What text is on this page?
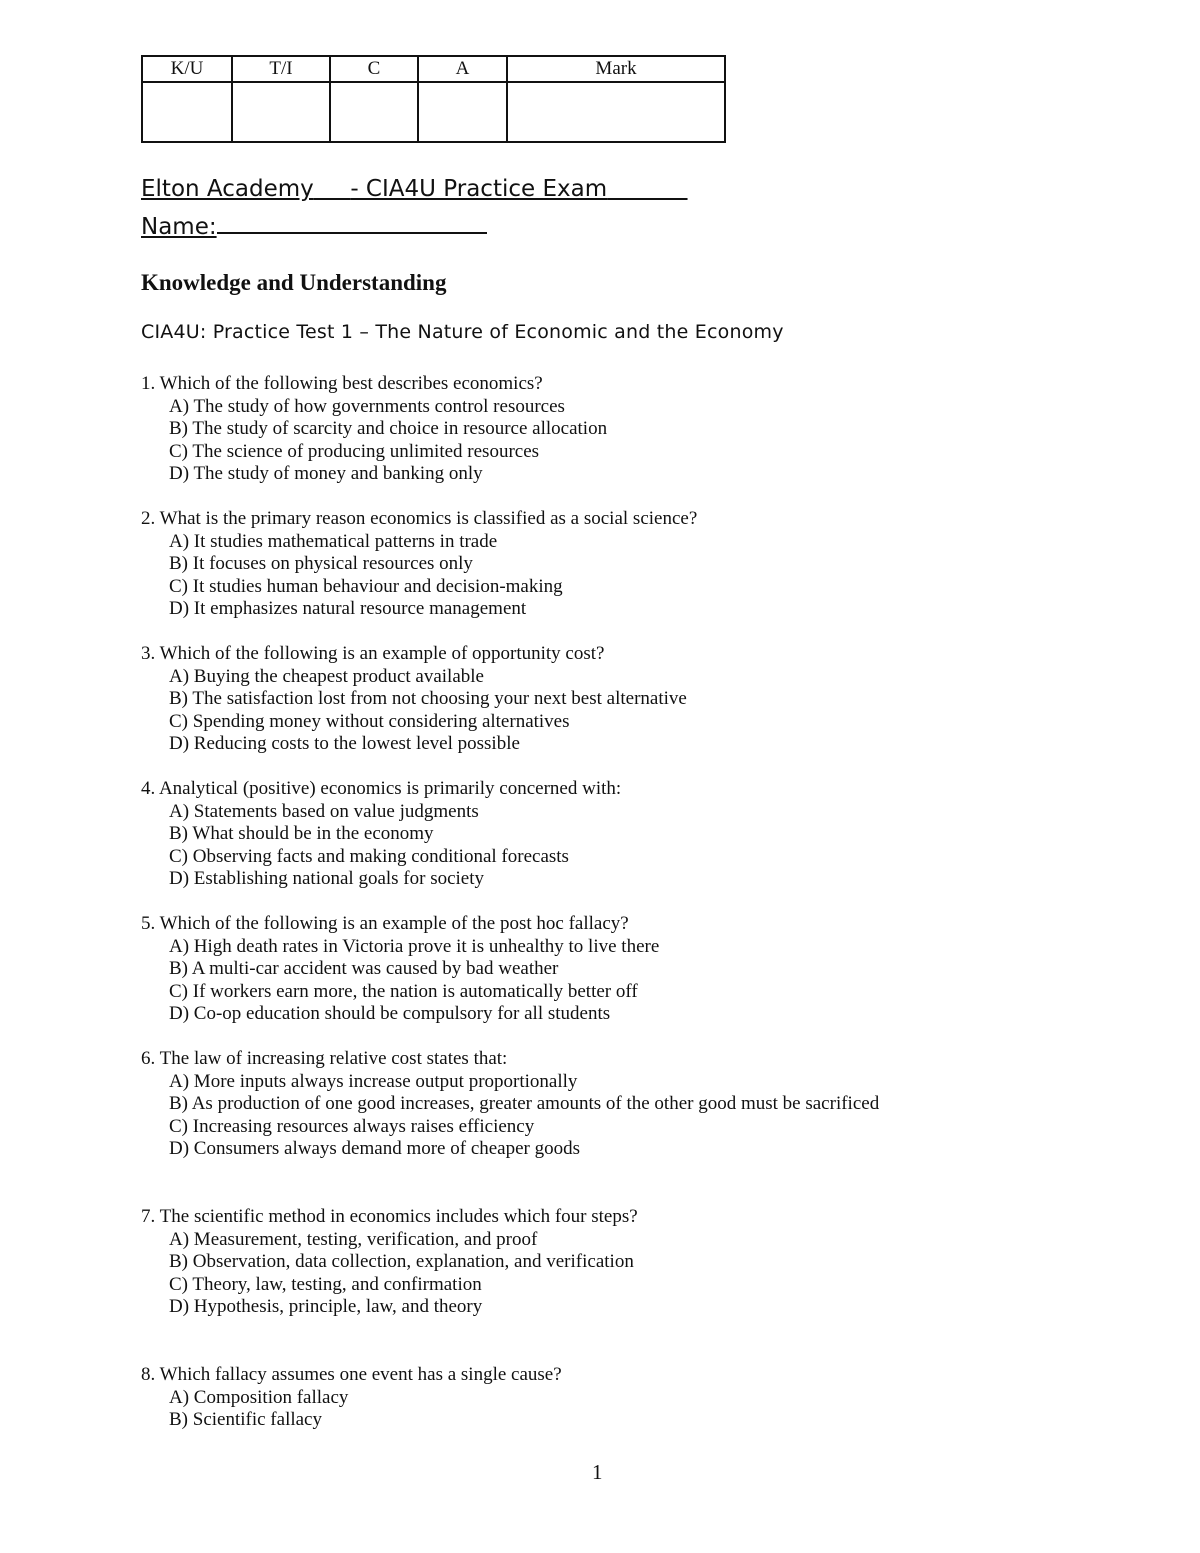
K/U	T/I	C	A	Mark

Elton Academy - CIA4U Practice Exam
Name:
Knowledge and Understanding
CIA4U: Practice Test 1 – The Nature of Economic and the Economy
1. Which of the following best describes economics?
A) The study of how governments control resources
B) The study of scarcity and choice in resource allocation
C) The science of producing unlimited resources
D) The study of money and banking only
2. What is the primary reason economics is classified as a social science?
A) It studies mathematical patterns in trade
B) It focuses on physical resources only
C) It studies human behaviour and decision-making
D) It emphasizes natural resource management
3. Which of the following is an example of opportunity cost?
A) Buying the cheapest product available
B) The satisfaction lost from not choosing your next best alternative
C) Spending money without considering alternatives
D) Reducing costs to the lowest level possible
4. Analytical (positive) economics is primarily concerned with:
A) Statements based on value judgments
B) What should be in the economy
C) Observing facts and making conditional forecasts
D) Establishing national goals for society
5. Which of the following is an example of the post hoc fallacy?
A) High death rates in Victoria prove it is unhealthy to live there
B) A multi-car accident was caused by bad weather
C) If workers earn more, the nation is automatically better off
D) Co-op education should be compulsory for all students
6. The law of increasing relative cost states that:
A) More inputs always increase output proportionally
B) As production of one good increases, greater amounts of the other good must be sacrificed
C) Increasing resources always raises efficiency
D) Consumers always demand more of cheaper goods
7. The scientific method in economics includes which four steps?
A) Measurement, testing, verification, and proof
B) Observation, data collection, explanation, and verification
C) Theory, law, testing, and confirmation
D) Hypothesis, principle, law, and theory
8. Which fallacy assumes one event has a single cause?
A) Composition fallacy
B) Scientific fallacy
1
